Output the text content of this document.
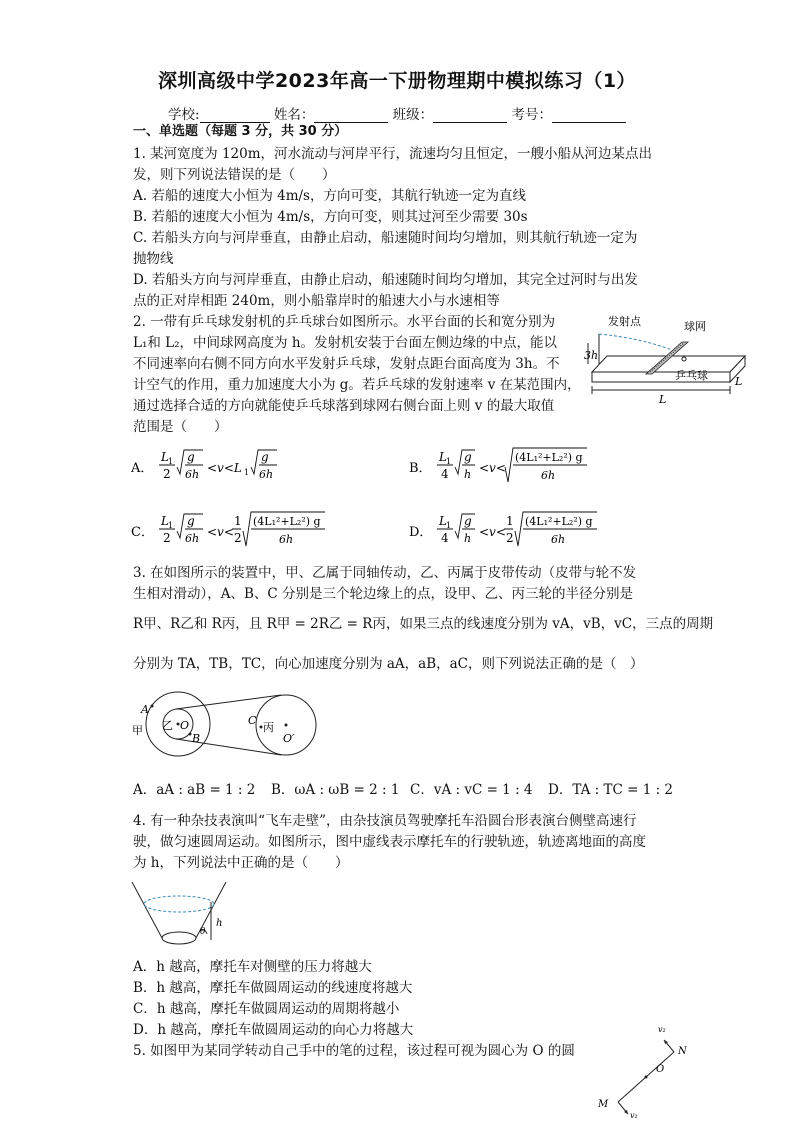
深圳高级中学2023年高一下册物理期中模拟练习（1）
学校:	姓名：	班级：	考号：
一、单选题（每题 3 分，共 30 分）
1. 某河宽度为 120m，河水流动与河岸平行，流速均匀且恒定，一艘小船从河边某点出
发，则下列说法错误的是（　　）
A. 若船的速度大小恒为 4m/s，方向可变，其航行轨迹一定为直线
B. 若船的速度大小恒为 4m/s，方向可变，则其过河至少需要 30s
C. 若船头方向与河岸垂直，由静止启动，船速随时间均匀增加，则其航行轨迹一定为
抛物线
D. 若船头方向与河岸垂直，由静止启动，船速随时间均匀增加，其完全过河时与出发
点的正对岸相距 240m，则小船靠岸时的船速大小与水速相等
2. 一带有乒乓球发射机的乒乓球台如图所示。水平台面的长和宽分别为
L₁和 L₂，中间球网高度为 h。发射机安装于台面左侧边缘的中点，能以
不同速率向右侧不同方向水平发射乒乓球，发射点距台面高度为 3h。不
计空气的作用，重力加速度大小为 g。若乒乓球的发射速率 v 在某范围内，
通过选择合适的方向就能使乒乓球落到球网右侧台面上则 v 的最大取值
范围是（　　）
发射点	球网
乒乓球
3h
L
L
A．
L 1
2
g
6h <v<L 1
g
6h	B．
L 1
4
g
h <v<
(4L₁²+L₂²) g
6h
C．
L 1
2
g
6h <v<
1
2
(4L₁²+L₂²) g
6h	D．
L 1
4
g
h <v<
1
2
(4L₁²+L₂²) g
6h
3. 在如图所示的装置中，甲、乙属于同轴传动，乙、丙属于皮带传动（皮带与轮不发
生相对滑动），A、B、C 分别是三个轮边缘上的点，设甲、乙、丙三轮的半径分别是
R甲、R乙和 R丙，且 R甲 = 2R乙 = R丙，如果三点的线速度分别为 vA，vB，vC，三点的周期
分别为 TA，TB，TC，向心加速度分别为 aA，aB，aC，则下列说法正确的是（　）
A
B
C
甲 乙	丙
O
O′
A．aA : aB = 1 : 2 B．ωA : ωB = 2 : 1 C．vA : vC = 1 : 4 D．TA : TC = 1 : 2
4. 有一种杂技表演叫“飞车走壁”，由杂技演员驾驶摩托车沿圆台形表演台侧壁高速行
驶，做匀速圆周运动。如图所示，图中虚线表示摩托车的行驶轨迹，轨迹离地面的高度
为 h，下列说法中正确的是（　　）
h
θ
A．h 越高，摩托车对侧壁的压力将越大
B．h 越高，摩托车做圆周运动的线速度将越大
C．h 越高，摩托车做圆周运动的周期将越小
D．h 越高，摩托车做圆周运动的向心力将越大
5. 如图甲为某同学转动自己手中的笔的过程，该过程可视为圆心为 O 的圆	N
O
M
v₁
v₂
